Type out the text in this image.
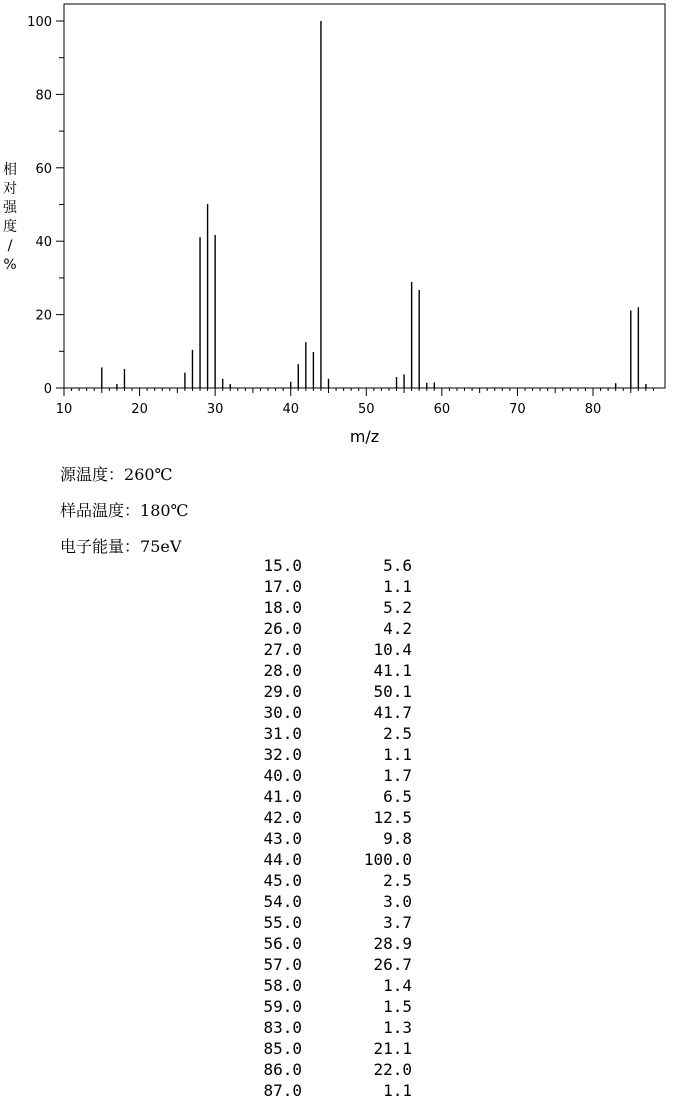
10	20	30	40	50	60	70	80
0
20
40
60
80
100
m/z
相
对
强
度
/
%
源温度：260℃
样品温度：180℃
电子能量：75eV
15.0	5.6
17.0	1.1
18.0	5.2
26.0	4.2
27.0	10.4
28.0	41.1
29.0	50.1
30.0	41.7
31.0	2.5
32.0	1.1
40.0	1.7
41.0	6.5
42.0	12.5
43.0	9.8
44.0	100.0
45.0	2.5
54.0	3.0
55.0	3.7
56.0	28.9
57.0	26.7
58.0	1.4
59.0	1.5
83.0	1.3
85.0	21.1
86.0	22.0
87.0	1.1
